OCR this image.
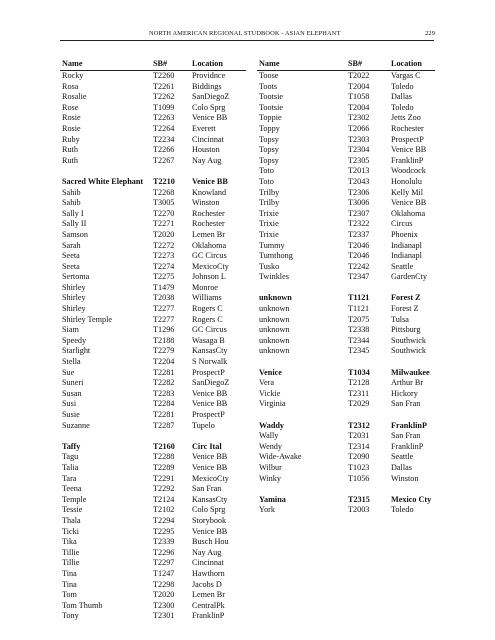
NORTH AMERICAN REGIONAL STUDBOOK - ASIAN ELEPHANT	229
Name	SB#	Location
Rocky	T2260 Providnce
Rosa	T2261 Biddings
Rosalie	T2262 SanDiegoZ
Rose	T1099 Colo Sprg
Rosie	T2263 Venice BB
Rosie	T2264 Everett
Ruby	T2234 Cincinnat
Ruth	T2266 Houston
Ruth	T2267 Nay Aug
Sacred White Elephant T2210 Venice BB
Sahib	T2268 Knowland
Sahib	T3005 Winston
Sally I	T2270 Rochester
Sally II	T2271 Rochester
Samson	T2020 Lemen Br
Sarah	T2272 Oklahoma
Seeta	T2273 GC Circus
Seeta	T2274 MexicoCty
Sertoma	T2275 Johnson L
Shirley	T1479 Monroe
Shirley	T2038 Williams
Shirley	T2277 Rogers C
Shirley Temple	T2277 Rogers C
Siam	T1296 GC Circus
Speedy	T2188 Wasaga B
Starlight	T2279 KansasCty
Stella	T2204 S Norwalk
Sue	T2281 ProspectP
Suneri	T2282 SanDiegoZ
Susan	T2283 Venice BB
Susi	T2284 Venice BB
Susie	T2281 ProspectP
Suzanne	T2287 Tupelo
Taffy	T2160 Circ Ital
Tagu	T2288 Venice BB
Talia	T2289 Venice BB
Tara	T2291 MexicoCty
Teena	T2292 San Fran
Temple	T2124 KansasCty
Tessie	T2102 Colo Sprg
Thala	T2294 Storybook
Ticki	T2295 Venice BB
Tika	T2339 Busch Hou
Tillie	T2296 Nay Aug
Tillie	T2297 Cincinnat
Tina	T1247 Hawthorn
Tina	T2298 Jacobs D
Tom	T2020 Lemen Br
Tom Thumb	T2300 CentralPk
Tony	T2301 FranklinP
Name	SB#	Location
Toose	T2022	Vargas C
Toots	T2004	Toledo
Tootsie	T1058	Dallas
Tootsie	T2004	Toledo
Toppie	T2302	Jetts Zoo
Toppy	T2066	Rochester
Topsy	T2303	ProspectP
Topsy	T2304	Venice BB
Topsy	T2305	FranklinP
Toto	T2013	Woodcock
Toto	T2043	Honolulu
Trilby	T2306	Kelly Mil
Trilby	T3006	Venice BB
Trixie	T2307	Oklahoma
Trixie	T2322	Circus
Trixie	T2337	Phoenix
Tummy	T2046	Indianapl
Tumthong	T2046	Indianapl
Tusko	T2242	Seattle
Twinkles	T2347	GardenCty
unknown	T1121	Forest Z
unknown	T1121	Forest Z
unknown	T2075	Tulsa
unknown	T2338	Pittsburg
unknown	T2344	Southwick
unknown	T2345	Southwick
Venice	T1034	Milwaukee
Vera	T2128	Arthur Br
Vickie	T2311	Hickory
Virginia	T2029	San Fran
Waddy	T2312	FranklinP
Wally	T2031	San Fran
Wendy	T2314	FranklinP
Wide-Awake	T2090	Seattle
Wilbur	T1023	Dallas
Winky	T1056	Winston
Yamina	T2315	Mexico Cty
York	T2003	Toledo
